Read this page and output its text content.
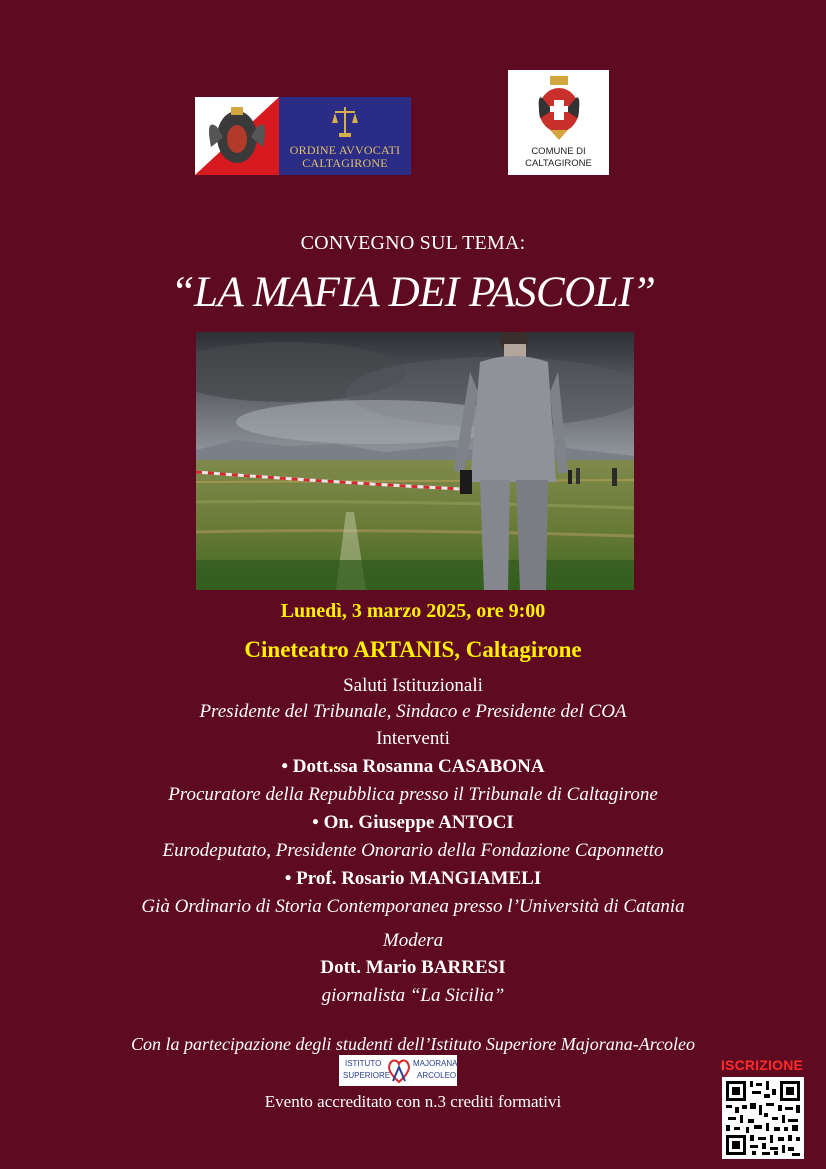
ORDINE AVVOCATI
CALTAGIRONE
COMUNE DI
CALTAGIRONE
CONVEGNO SUL TEMA:
“LA MAFIA DEI PASCOLI”
Lunedì, 3 marzo 2025, ore 9:00
Cineteatro ARTANIS, Caltagirone
Saluti Istituzionali
Presidente del Tribunale, Sindaco e Presidente del COA
Interventi
• Dott.ssa Rosanna CASABONA
Procuratore della Repubblica presso il Tribunale di Caltagirone
• On. Giuseppe ANTOCI
Eurodeputato, Presidente Onorario della Fondazione Caponnetto
• Prof. Rosario MANGIAMELI
Già Ordinario di Storia Contemporanea presso l’Università di Catania
Modera
Dott. Mario BARRESI
giornalista “La Sicilia”
Con la partecipazione degli studenti dell’Istituto Superiore Majorana-Arcoleo
ISTITUTO
SUPERIORE
MAJORANA
ARCOLEO
Evento accreditato con n.3 crediti formativi
ISCRIZIONE
